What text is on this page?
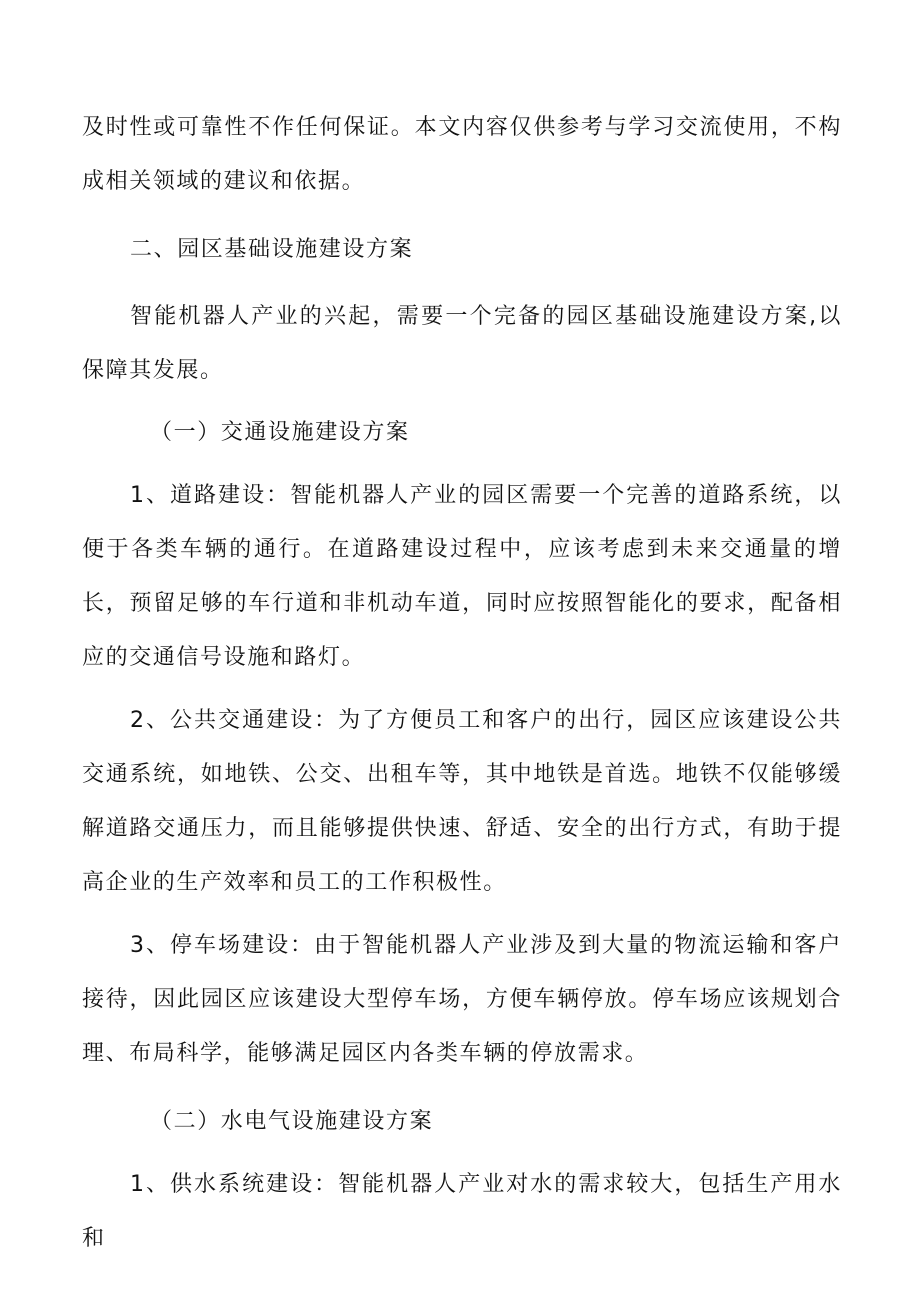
及时性或可靠性不作任何保证。本文内容仅供参考与学习交流使用，不构成相关领域的建议和依据。

二、园区基础设施建设方案

智能机器人产业的兴起，需要一个完备的园区基础设施建设方案,以保障其发展。

（一）交通设施建设方案

1、道路建设：智能机器人产业的园区需要一个完善的道路系统，以便于各类车辆的通行。在道路建设过程中，应该考虑到未来交通量的增长，预留足够的车行道和非机动车道，同时应按照智能化的要求，配备相应的交通信号设施和路灯。

2、公共交通建设：为了方便员工和客户的出行，园区应该建设公共交通系统，如地铁、公交、出租车等，其中地铁是首选。地铁不仅能够缓解道路交通压力，而且能够提供快速、舒适、安全的出行方式，有助于提高企业的生产效率和员工的工作积极性。

3、停车场建设：由于智能机器人产业涉及到大量的物流运输和客户接待，因此园区应该建设大型停车场，方便车辆停放。停车场应该规划合理、布局科学，能够满足园区内各类车辆的停放需求。

（二）水电气设施建设方案

1、供水系统建设：智能机器人产业对水的需求较大，包括生产用水和
